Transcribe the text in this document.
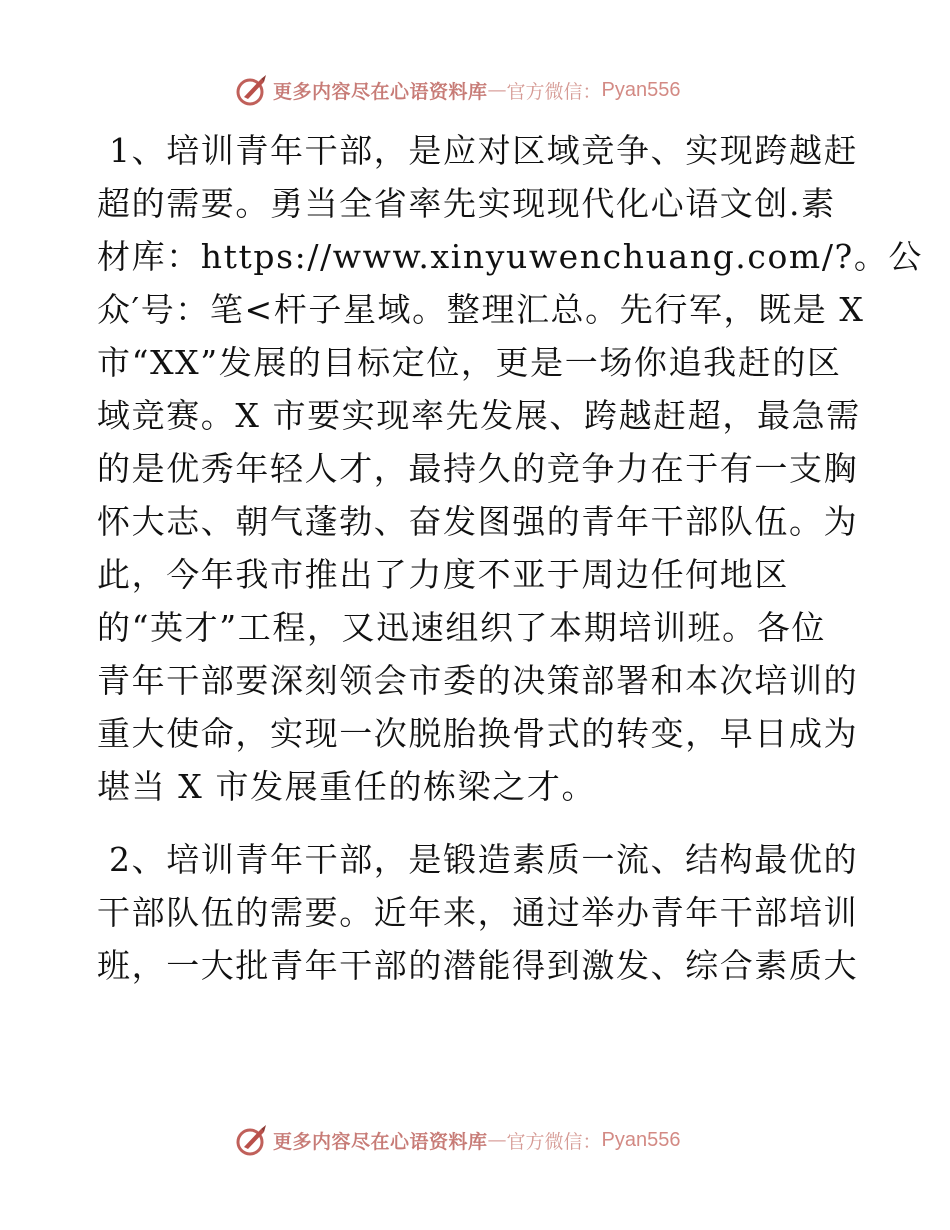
更多内容尽在心语资料库 — 官方微信： Pyan556
1、培训青年干部，是应对区域竞争、实现跨越赶
超的需要。勇当全省率先实现现代化心语文创.素
材库：https://www.xinyuwenchuang.com/?。公
众′号：笔<杆子星域。整理汇总。先行军，既是 X
市“XX”发展的目标定位，更是一场你追我赶的区
域竞赛。X 市要实现率先发展、跨越赶超，最急需
的是优秀年轻人才，最持久的竞争力在于有一支胸
怀大志、朝气蓬勃、奋发图强的青年干部队伍。为
此，今年我市推出了力度不亚于周边任何地区
的“英才”工程，又迅速组织了本期培训班。各位
青年干部要深刻领会市委的决策部署和本次培训的
重大使命，实现一次脱胎换骨式的转变，早日成为
堪当 X 市发展重任的栋梁之才。
2、培训青年干部，是锻造素质一流、结构最优的
干部队伍的需要。近年来，通过举办青年干部培训
班，一大批青年干部的潜能得到激发、综合素质大
更多内容尽在心语资料库 — 官方微信： Pyan556
